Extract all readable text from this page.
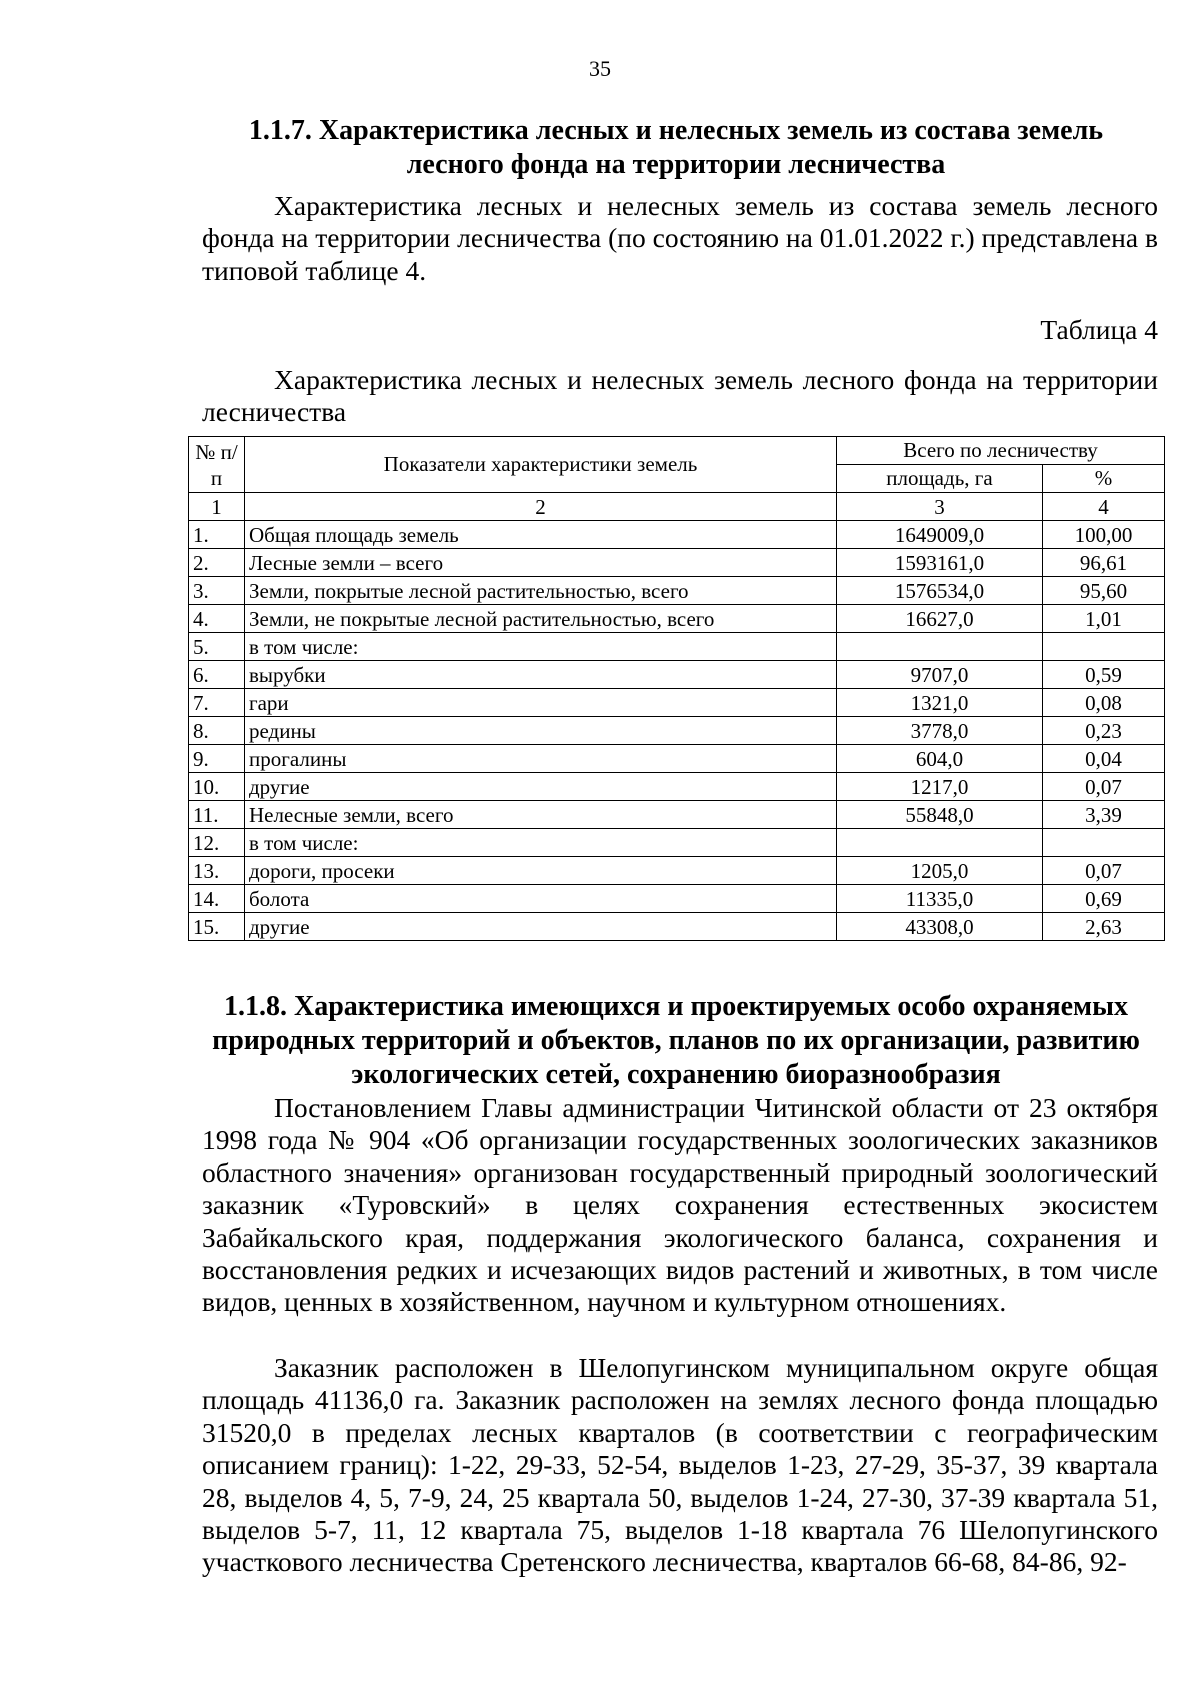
35
1.1.7. Характеристика лесных и нелесных земель из состава земель
лесного фонда на территории лесничества

Характеристика лесных и нелесных земель из состава земель лесного фонда на территории лесничества (по состоянию на 01.01.2022 г.) представлена в типовой таблице 4.

Таблица 4

Характеристика лесных и нелесных земель лесного фонда на территории лесничества

№ п/п	Показатели характеристики земель	Всего по лесничеству	
		площадь, га	%
1	2	3	4
1.	Общая площадь земель	1649009,0	100,00
2.	Лесные земли – всего	1593161,0	96,61
3.	Земли, покрытые лесной растительностью, всего	1576534,0	95,60
4.	Земли, не покрытые лесной растительностью, всего	16627,0	1,01
5.	в том числе:		
6.	вырубки	9707,0	0,59
7.	гари	1321,0	0,08
8.	редины	3778,0	0,23
9.	прогалины	604,0	0,04
10.	другие	1217,0	0,07
11.	Нелесные земли, всего	55848,0	3,39
12.	в том числе:		
13.	дороги, просеки	1205,0	0,07
14.	болота	11335,0	0,69
15.	другие	43308,0	2,63
1.1.8. Характеристика имеющихся и проектируемых особо охраняемых
природных территорий и объектов, планов по их организации, развитию
экологических сетей, сохранению биоразнообразия

Постановлением Главы администрации Читинской области от 23 октября 1998 года № 904 «Об организации государственных зоологических заказников областного значения» организован государственный природный зоологический заказник «Туровский» в целях сохранения естественных экосистем Забайкальского края, поддержания экологического баланса, сохранения и восстановления редких и исчезающих видов растений и животных, в том числе видов, ценных в хозяйственном, научном и культурном отношениях.

Заказник расположен в Шелопугинском муниципальном округе общая площадь 41136,0 га. Заказник расположен на землях лесного фонда площадью 31520,0 в пределах лесных кварталов (в соответствии с географическим описанием границ): 1-22, 29-33, 52-54, выделов 1-23, 27-29, 35-37, 39 квартала 28, выделов 4, 5, 7-9, 24, 25 квартала 50, выделов 1-24, 27-30, 37-39 квартала 51, выделов 5-7, 11, 12 квартала 75, выделов 1-18 квартала 76 Шелопугинского участкового лесничества Сретенского лесничества, кварталов 66-68, 84-86, 92-
